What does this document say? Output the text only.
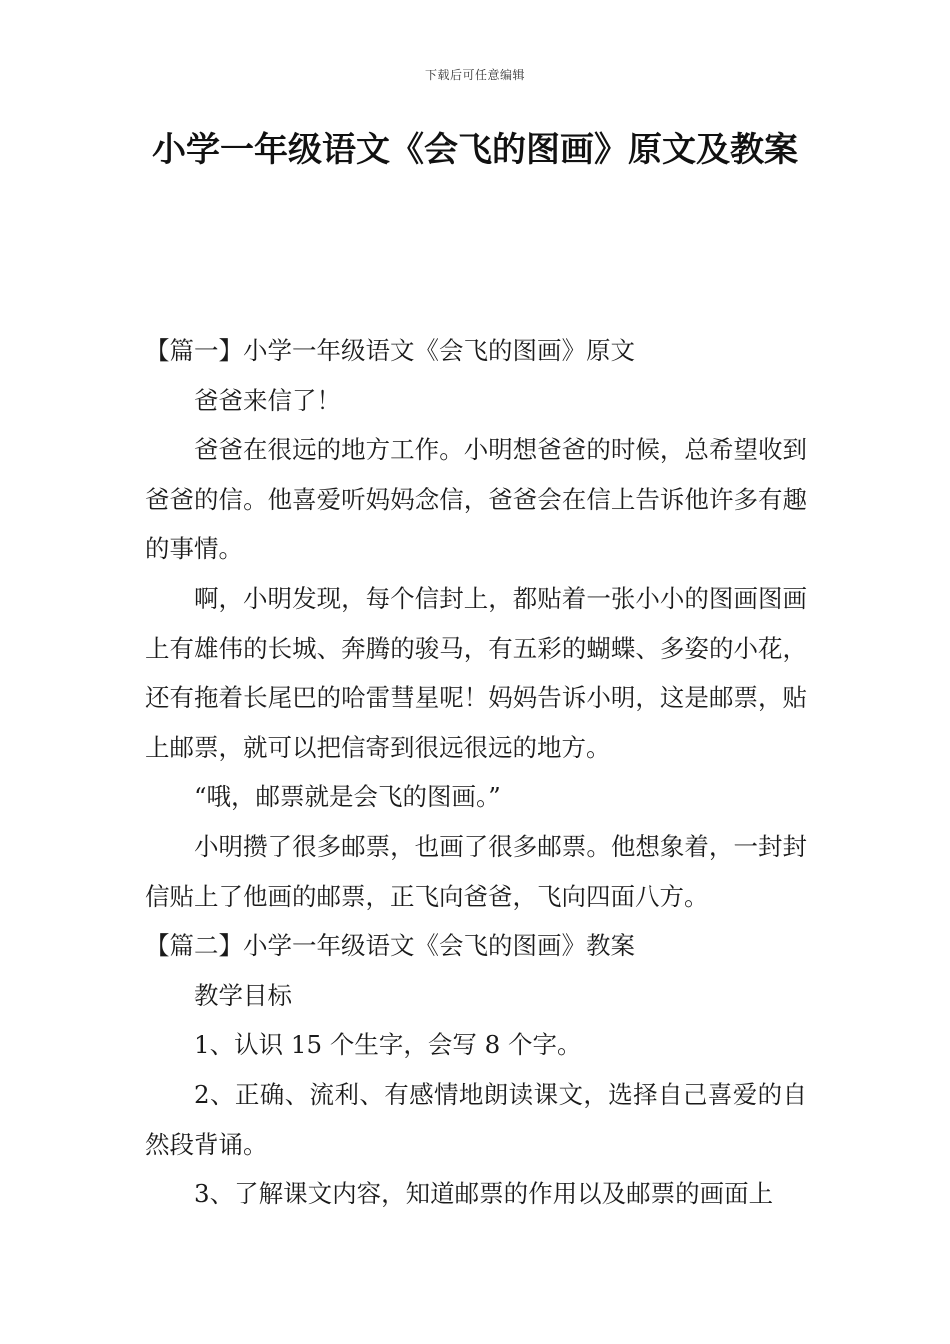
下载后可任意编辑
小学一年级语文《会飞的图画》原文及教案

【篇一】小学一年级语文《会飞的图画》原文

爸爸来信了！

爸爸在很远的地方工作。小明想爸爸的时候，总希望收到爸爸的信。他喜爱听妈妈念信，爸爸会在信上告诉他许多有趣的事情。

啊，小明发现，每个信封上，都贴着一张小小的图画图画上有雄伟的长城、奔腾的骏马，有五彩的蝴蝶、多姿的小花，还有拖着长尾巴的哈雷彗星呢！妈妈告诉小明，这是邮票，贴上邮票，就可以把信寄到很远很远的地方。

“哦，邮票就是会飞的图画。”

小明攒了很多邮票，也画了很多邮票。他想象着，一封封信贴上了他画的邮票，正飞向爸爸，飞向四面八方。

【篇二】小学一年级语文《会飞的图画》教案

教学目标

1、认识 15 个生字，会写 8 个字。

2、正确、流利、有感情地朗读课文，选择自己喜爱的自然段背诵。

3、了解课文内容，知道邮票的作用以及邮票的画面上
